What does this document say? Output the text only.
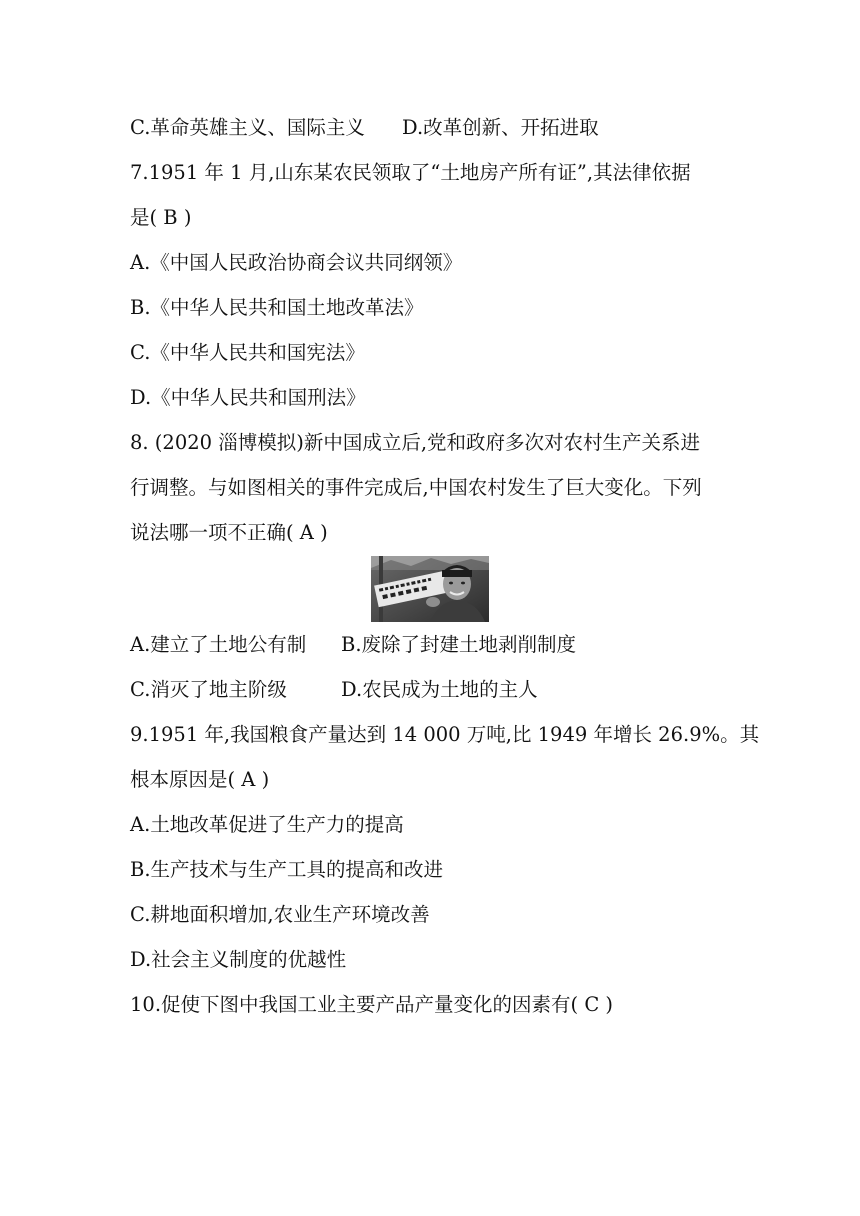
C.革命英雄主义、国际主义 D.改革创新、开拓进取
7.1951 年 1 月,山东某农民领取了“土地房产所有证”,其法律依据
是( B )
A.《中国人民政治协商会议共同纲领》
B.《中华人民共和国土地改革法》
C.《中华人民共和国宪法》
D.《中华人民共和国刑法》
8. (2020 淄博模拟)新中国成立后,党和政府多次对农村生产关系进
行调整。与如图相关的事件完成后,中国农村发生了巨大变化。下列
说法哪一项不正确( A )
A.建立了土地公有制 B.废除了封建土地剥削制度
C.消灭了地主阶级	D.农民成为土地的主人
9.1951 年,我国粮食产量达到 14 000 万吨,比 1949 年增长 26.9%。其
根本原因是( A )
A.土地改革促进了生产力的提高
B.生产技术与生产工具的提高和改进
C.耕地面积增加,农业生产环境改善
D.社会主义制度的优越性
10.促使下图中我国工业主要产品产量变化的因素有( C )
